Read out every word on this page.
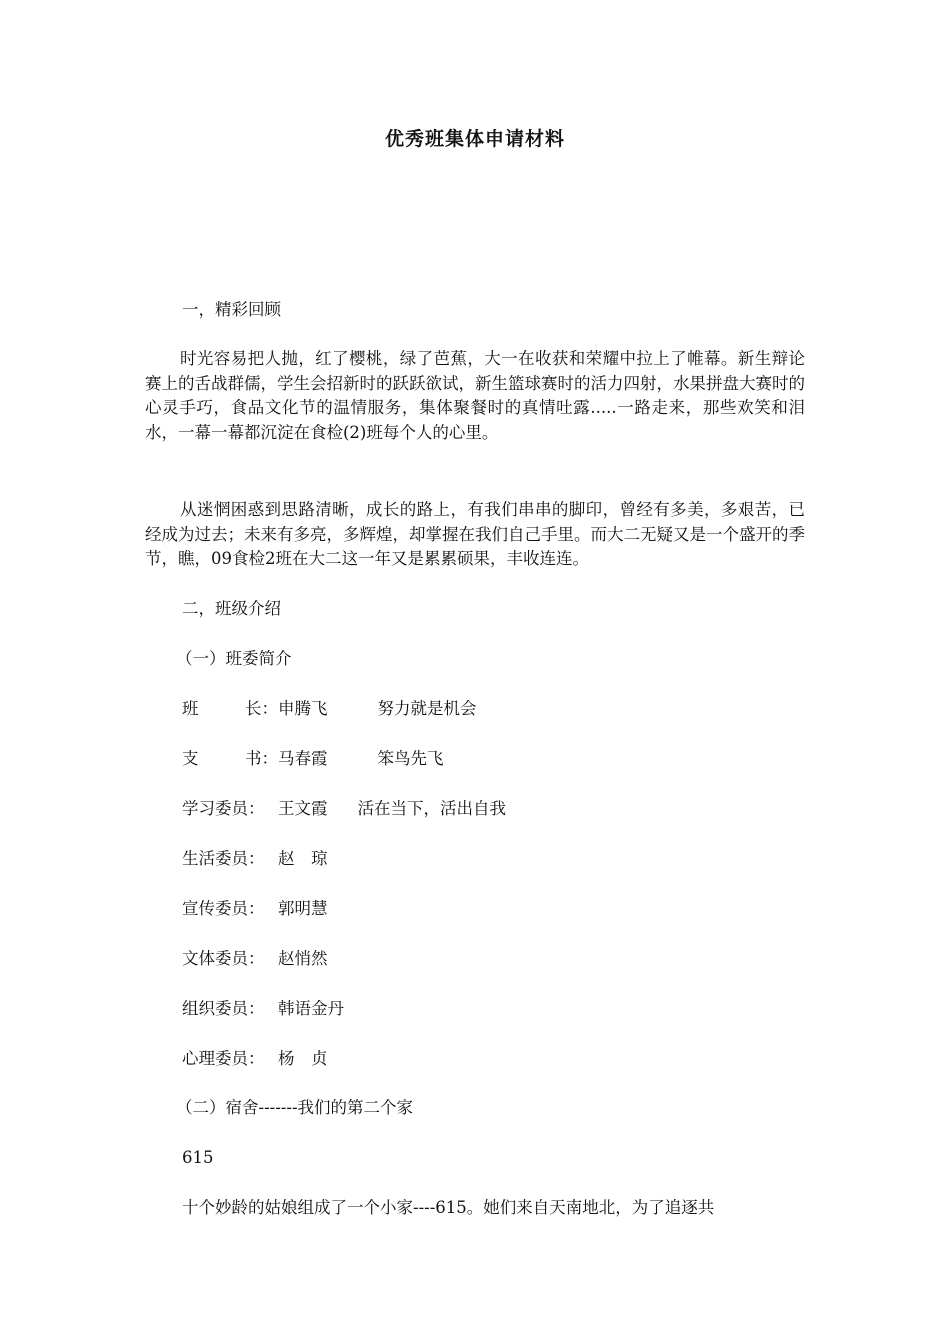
优秀班集体申请材料
一，精彩回顾
时光容易把人抛，红了樱桃，绿了芭蕉，大一在收获和荣耀中拉上了帷幕。新生辩论赛上的舌战群儒，学生会招新时的跃跃欲试，新生篮球赛时的活力四射，水果拼盘大赛时的心灵手巧，食品文化节的温情服务，集体聚餐时的真情吐露.....一路走来，那些欢笑和泪水，一幕一幕都沉淀在食检(2)班每个人的心里。
从迷惘困惑到思路清晰，成长的路上，有我们串串的脚印，曾经有多美，多艰苦，已经成为过去；未来有多亮，多辉煌，却掌握在我们自己手里。而大二无疑又是一个盛开的季节，瞧，09食检2班在大二这一年又是累累硕果，丰收连连。
二，班级介绍
（一）班委简介
班	长： 申腾飞	努力就是机会
支	书： 马春霞	笨鸟先飞
学习委员： 王文霞 活在当下，活出自我
生活委员： 赵　琼
宣传委员： 郭明慧
文体委员： 赵悄然
组织委员： 韩语金丹
心理委员： 杨　贞
（二）宿舍-------我们的第二个家
615
十个妙龄的姑娘组成了一个小家----615。她们来自天南地北，为了追逐共
